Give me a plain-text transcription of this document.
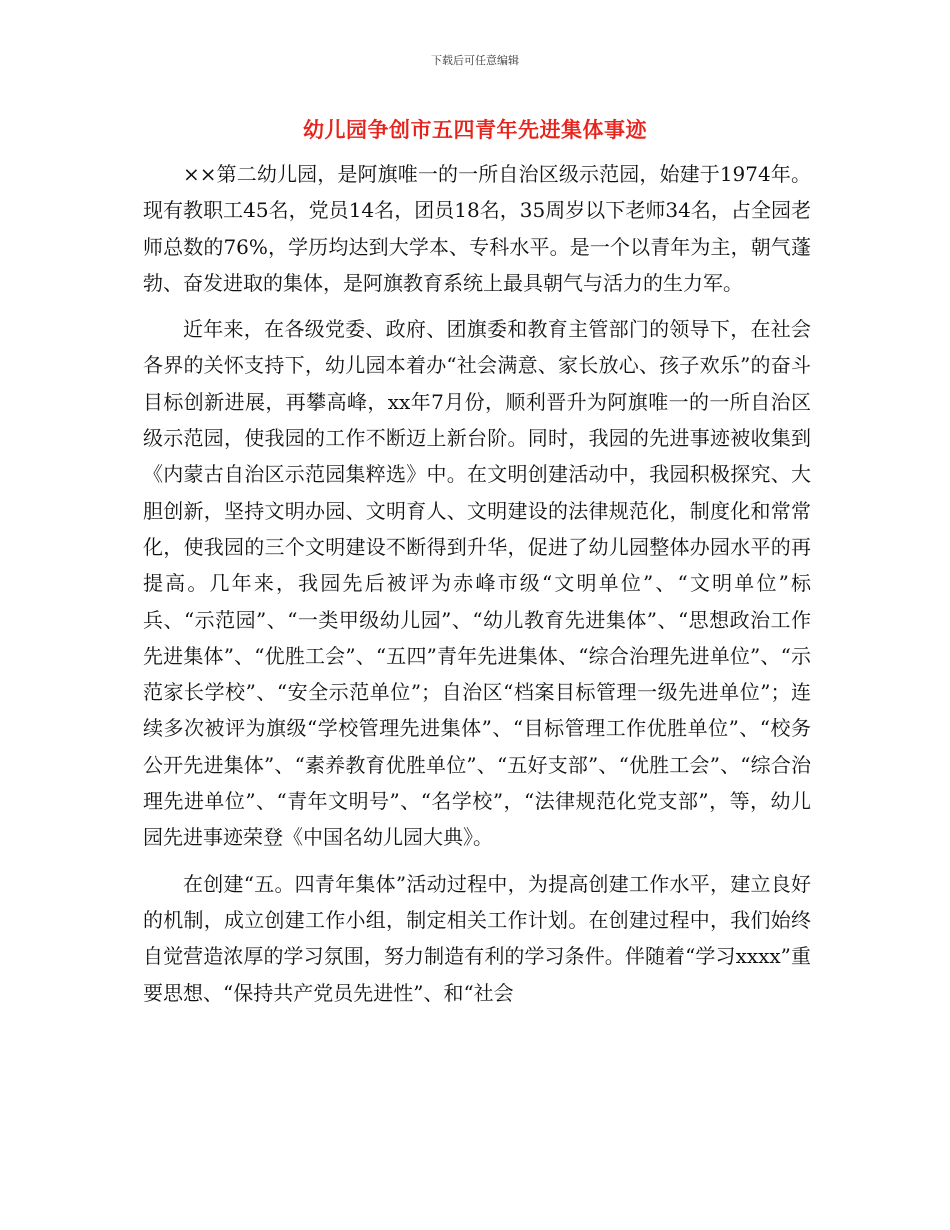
下载后可任意编辑
幼儿园争创市五四青年先进集体事迹

××第二幼儿园，是阿旗唯一的一所自治区级示范园，始建于1974年。现有教职工45名，党员14名，团员18名，35周岁以下老师34名，占全园老师总数的76%，学历均达到大学本、专科水平。是一个以青年为主，朝气蓬勃、奋发进取的集体，是阿旗教育系统上最具朝气与活力的生力军。

近年来，在各级党委、政府、团旗委和教育主管部门的领导下，在社会各界的关怀支持下，幼儿园本着办“社会满意、家长放心、孩子欢乐”的奋斗目标创新进展，再攀高峰，xx年7月份，顺利晋升为阿旗唯一的一所自治区级示范园，使我园的工作不断迈上新台阶。同时，我园的先进事迹被收集到《内蒙古自治区示范园集粹选》中。在文明创建活动中，我园积极探究、大胆创新，坚持文明办园、文明育人、文明建设的法律规范化，制度化和常常化，使我园的三个文明建设不断得到升华，促进了幼儿园整体办园水平的再提高。几年来，我园先后被评为赤峰市级“文明单位”、“文明单位”标兵、“示范园”、“一类甲级幼儿园”、“幼儿教育先进集体”、“思想政治工作先进集体”、“优胜工会”、“五四”青年先进集体、“综合治理先进单位”、“示范家长学校”、“安全示范单位”；自治区“档案目标管理一级先进单位”；连续多次被评为旗级“学校管理先进集体”、“目标管理工作优胜单位”、“校务公开先进集体”、“素养教育优胜单位”、“五好支部”、“优胜工会”、“综合治理先进单位”、“青年文明号”、“名学校”，“法律规范化党支部”，等，幼儿园先进事迹荣登《中国名幼儿园大典》。

在创建“五。四青年集体”活动过程中，为提高创建工作水平，建立良好的机制，成立创建工作小组，制定相关工作计划。在创建过程中，我们始终自觉营造浓厚的学习氛围，努力制造有利的学习条件。伴随着“学习xxxx”重要思想、“保持共产党员先进性”、和“社会
